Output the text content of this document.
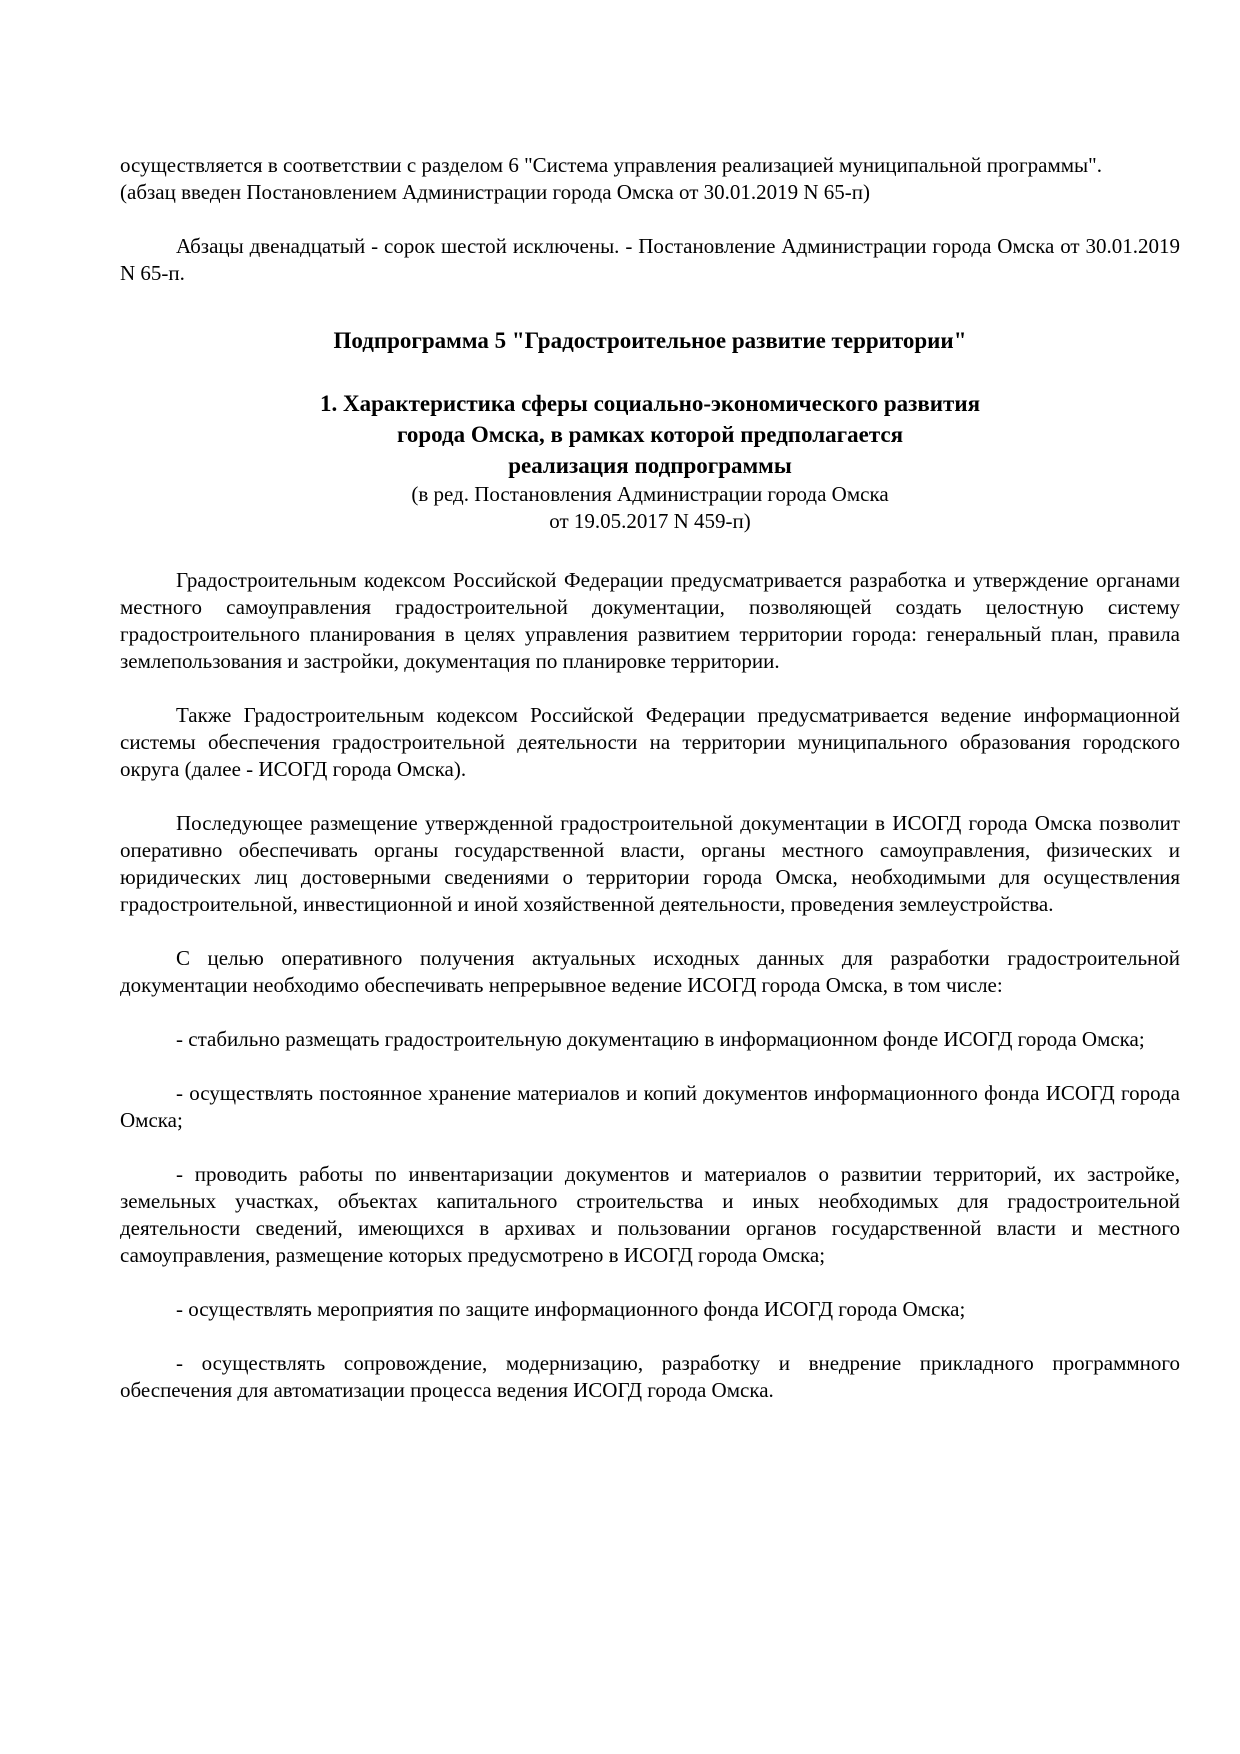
осуществляется в соответствии с разделом 6 "Система управления реализацией муниципальной программы".

(абзац введен Постановлением Администрации города Омска от 30.01.2019 N 65-п)

Абзацы двенадцатый - сорок шестой исключены. - Постановление Администрации города Омска от 30.01.2019 N 65-п.

Подпрограмма 5 "Градостроительное развитие территории"
1. Характеристика сферы социально-экономического развития
города Омска, в рамках которой предполагается
реализация подпрограммы
(в ред. Постановления Администрации города Омска
от 19.05.2017 N 459-п)

Градостроительным кодексом Российской Федерации предусматривается разработка и утверждение органами местного самоуправления градостроительной документации, позволяющей создать целостную систему градостроительного планирования в целях управления развитием территории города: генеральный план, правила землепользования и застройки, документация по планировке территории.

Также Градостроительным кодексом Российской Федерации предусматривается ведение информационной системы обеспечения градостроительной деятельности на территории муниципального образования городского округа (далее - ИСОГД города Омска).

Последующее размещение утвержденной градостроительной документации в ИСОГД города Омска позволит оперативно обеспечивать органы государственной власти, органы местного самоуправления, физических и юридических лиц достоверными сведениями о территории города Омска, необходимыми для осуществления градостроительной, инвестиционной и иной хозяйственной деятельности, проведения землеустройства.

С целью оперативного получения актуальных исходных данных для разработки градостроительной документации необходимо обеспечивать непрерывное ведение ИСОГД города Омска, в том числе:

- стабильно размещать градостроительную документацию в информационном фонде ИСОГД города Омска;

- осуществлять постоянное хранение материалов и копий документов информационного фонда ИСОГД города Омска;

- проводить работы по инвентаризации документов и материалов о развитии территорий, их застройке, земельных участках, объектах капитального строительства и иных необходимых для градостроительной деятельности сведений, имеющихся в архивах и пользовании органов государственной власти и местного самоуправления, размещение которых предусмотрено в ИСОГД города Омска;

- осуществлять мероприятия по защите информационного фонда ИСОГД города Омска;

- осуществлять сопровождение, модернизацию, разработку и внедрение прикладного программного обеспечения для автоматизации процесса ведения ИСОГД города Омска.
